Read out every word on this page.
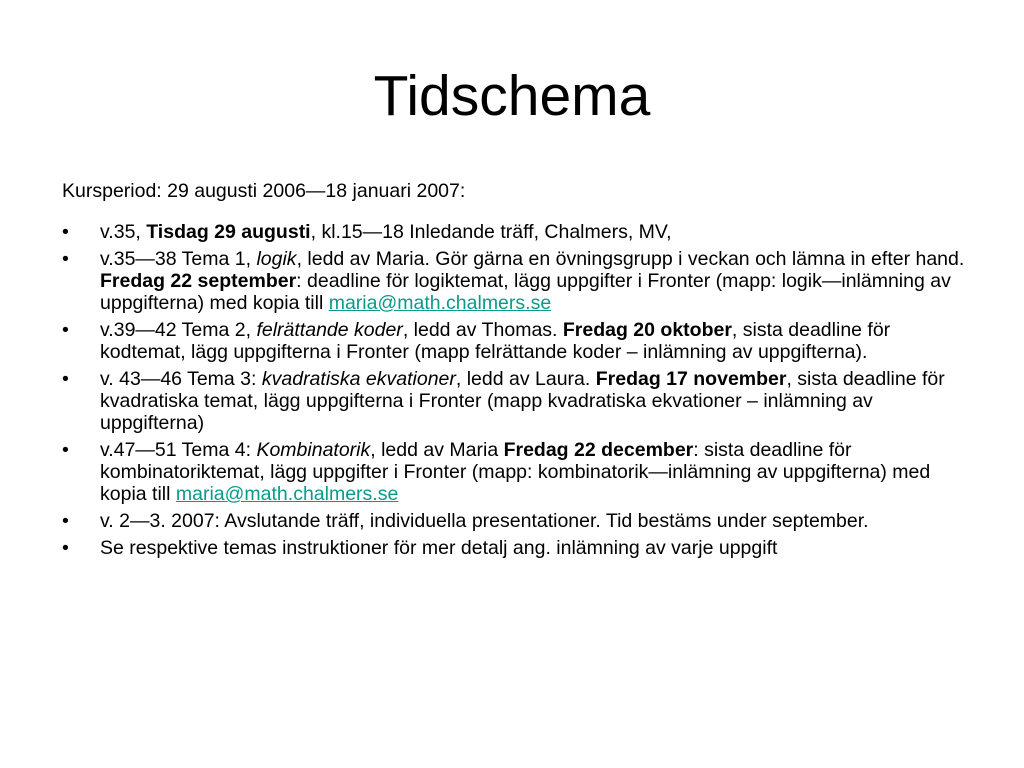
Tidschema

Kursperiod: 29 augusti 2006—18 januari 2007:

• v.35, Tisdag 29 augusti, kl.15—18 Inledande träff, Chalmers, MV,
• v.35—38 Tema 1, logik, ledd av Maria. Gör gärna en övningsgrupp i veckan och lämna in efter hand. Fredag 22 september: deadline för logiktemat, lägg uppgifter i Fronter (mapp: logik—inlämning av uppgifterna) med kopia till maria@math.chalmers.se
• v.39—42 Tema 2, felrättande koder, ledd av Thomas. Fredag 20 oktober, sista deadline för kodtemat, lägg uppgifterna i Fronter (mapp felrättande koder – inlämning av uppgifterna).
• v. 43—46 Tema 3: kvadratiska ekvationer, ledd av Laura. Fredag 17 november, sista deadline för kvadratiska temat, lägg uppgifterna i Fronter (mapp kvadratiska ekvationer – inlämning av uppgifterna)
• v.47—51 Tema 4: Kombinatorik, ledd av Maria Fredag 22 december: sista deadline för kombinatoriktemat, lägg uppgifter i Fronter (mapp: kombinatorik—inlämning av uppgifterna) med kopia till maria@math.chalmers.se
• v. 2—3. 2007: Avslutande träff, individuella presentationer. Tid bestäms under september.
• Se respektive temas instruktioner för mer detalj ang. inlämning av varje uppgift
